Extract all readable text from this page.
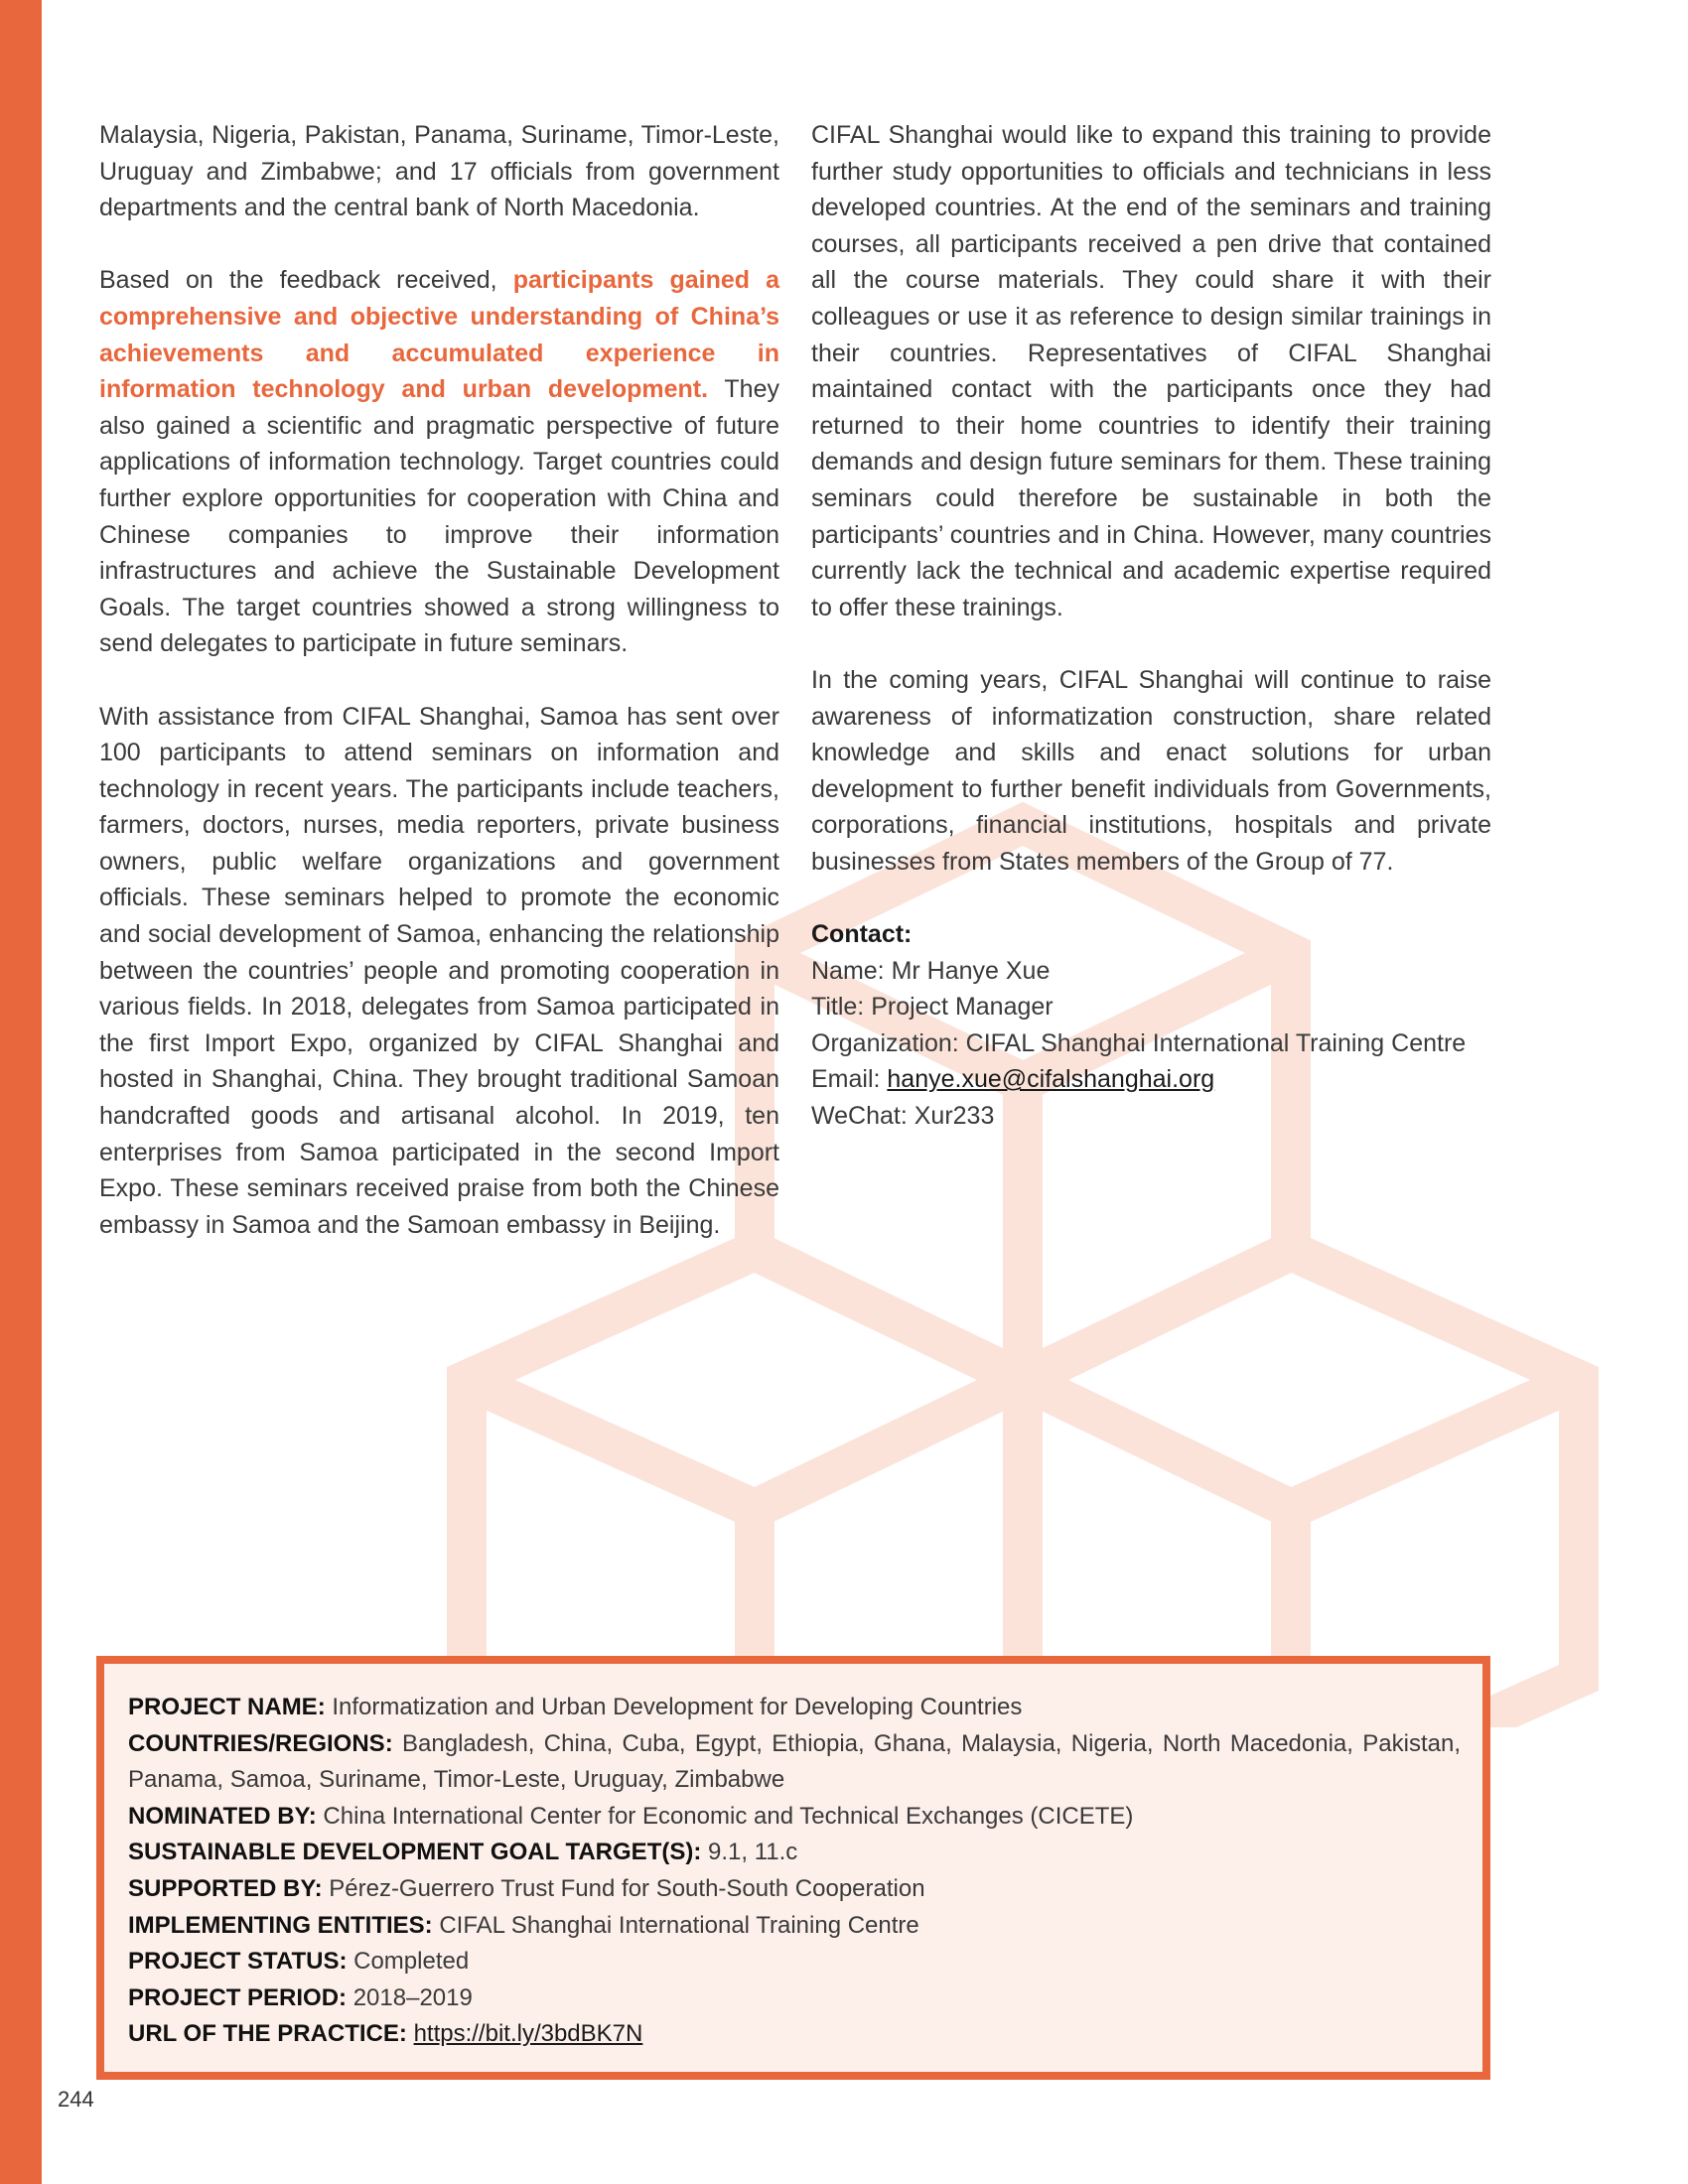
Malaysia, Nigeria, Pakistan, Panama, Suriname, Timor-Leste, Uruguay and Zimbabwe; and 17 officials from government departments and the central bank of North Macedonia.

Based on the feedback received, participants gained a comprehensive and objective understanding of China’s achievements and accumulated experience in information technology and urban development. They also gained a scientific and pragmatic perspective of future applications of information technology. Target countries could further explore opportunities for cooperation with China and Chinese companies to improve their information infrastructures and achieve the Sustainable Development Goals. The target countries showed a strong willingness to send delegates to participate in future seminars.

With assistance from CIFAL Shanghai, Samoa has sent over 100 participants to attend seminars on information and technology in recent years. The participants include teachers, farmers, doctors, nurses, media reporters, private business owners, public welfare organizations and government officials. These seminars helped to promote the economic and social development of Samoa, enhancing the relationship between the countries’ people and promoting cooperation in various fields. In 2018, delegates from Samoa participated in the first Import Expo, organized by CIFAL Shanghai and hosted in Shanghai, China. They brought traditional Samoan handcrafted goods and artisanal alcohol. In 2019, ten enterprises from Samoa participated in the second Import Expo. These seminars received praise from both the Chinese embassy in Samoa and the Samoan embassy in Beijing.

CIFAL Shanghai would like to expand this training to provide further study opportunities to officials and technicians in less developed countries. At the end of the seminars and training courses, all participants received a pen drive that contained all the course materials. They could share it with their colleagues or use it as reference to design similar trainings in their countries. Representatives of CIFAL Shanghai maintained contact with the participants once they had returned to their home countries to identify their training demands and design future seminars for them. These training seminars could therefore be sustainable in both the participants’ countries and in China. However, many countries currently lack the technical and academic expertise required to offer these trainings.

In the coming years, CIFAL Shanghai will continue to raise awareness of informatization construction, share related knowledge and skills and enact solutions for urban development to further benefit individuals from Governments, corporations, financial institutions, hospitals and private businesses from States members of the Group of 77.

Contact:
Name: Mr Hanye Xue
Title: Project Manager
Organization: CIFAL Shanghai International Training Centre
Email: hanye.xue@cifalshanghai.org
WeChat: Xur233

PROJECT NAME: Informatization and Urban Development for Developing Countries

COUNTRIES/REGIONS: Bangladesh, China, Cuba, Egypt, Ethiopia, Ghana, Malaysia, Nigeria, North Macedonia, Pakistan, Panama, Samoa, Suriname, Timor-Leste, Uruguay, Zimbabwe

NOMINATED BY: China International Center for Economic and Technical Exchanges (CICETE)

SUSTAINABLE DEVELOPMENT GOAL TARGET(S): 9.1, 11.c

SUPPORTED BY: Pérez-Guerrero Trust Fund for South-South Cooperation

IMPLEMENTING ENTITIES: CIFAL Shanghai International Training Centre

PROJECT STATUS: Completed

PROJECT PERIOD: 2018–2019

URL OF THE PRACTICE: https://bit.ly/3bdBK7N

244
